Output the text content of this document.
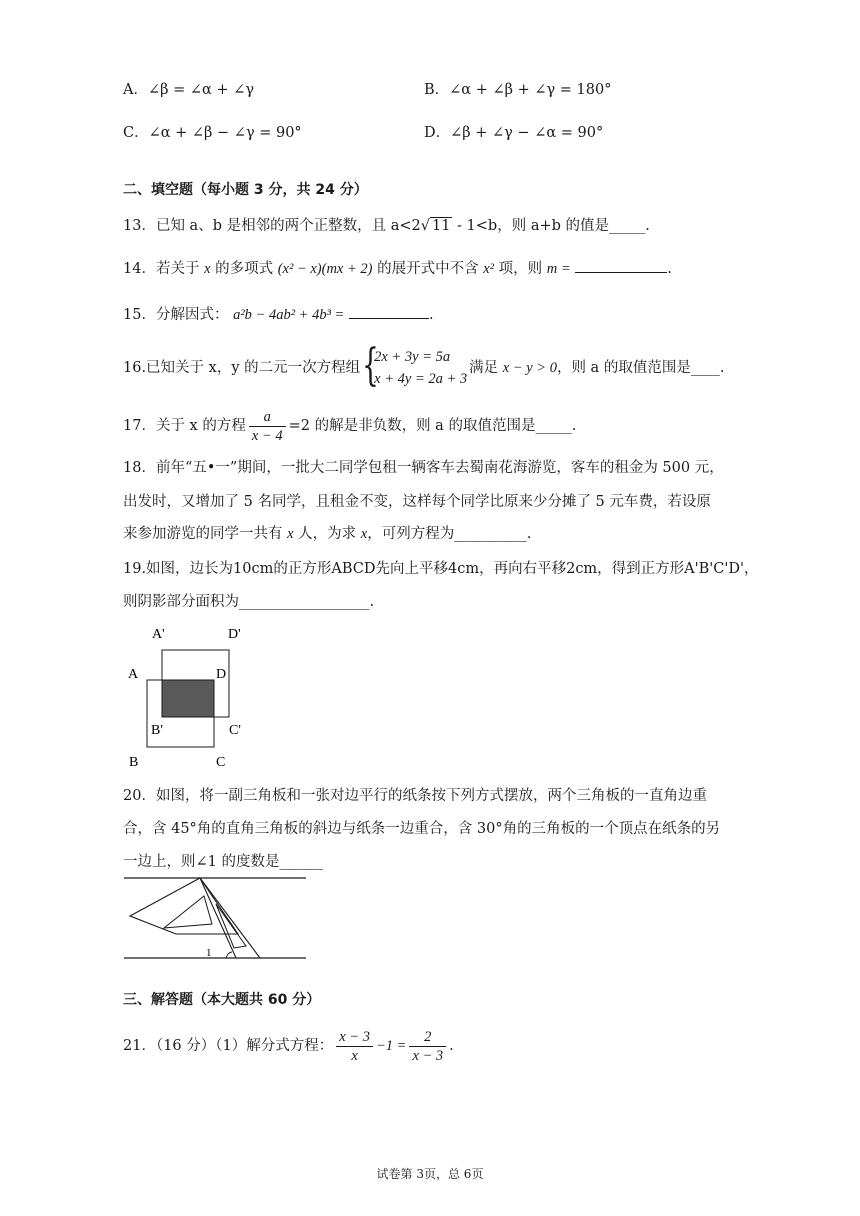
A．∠β = ∠α + ∠γ	B．∠α + ∠β + ∠γ = 180°
C．∠α + ∠β − ∠γ = 90°	D．∠β + ∠γ − ∠α = 90°
二、填空题（每小题 3 分，共 24 分）
13．已知 a、b 是相邻的两个正整数，且 a<2√ 11 - 1<b，则 a+b 的值是_____.
14．若关于 x 的多项式 (x² − x)(mx + 2) 的展开式中不含 x² 项，则 m =	.
15．分解因式： a²b − 4ab² + 4b³ =	.
16.已知关于 x，y 的二元一次方程组 {
2x + 3y = 5a
x + 4y = 2a + 3
满足 x − y > 0，则 a 的取值范围是____.
17．关于 x 的方程 $\frac{a}{x - 4} =2$ 的解是非负数，则 a 的取值范围是_____.
18．前年“五•一”期间，一批大二同学包租一辆客车去蜀南花海游览，客车的租金为 500 元，
出发时，又增加了 5 名同学，且租金不变，这样每个同学比原来少分摊了 5 元车费，若设原
来参加游览的同学一共有 x 人，为求 x，可列方程为__________.
19.如图，边长为10cm的正方形ABCD先向上平移4cm，再向右平移2cm，得到正方形A'B'C'D'，
则阴影部分面积为__________________.
A'	D'
A	D
B'	C'
B	C
20．如图，将一副三角板和一张对边平行的纸条按下列方式摆放，两个三角板的一直角边重
合，含 45°角的直角三角板的斜边与纸条一边重合，含 30°角的三角板的一个顶点在纸条的另
一边上，则∠1 的度数是______
1
三、解答题（本大题共 60 分）
21．（16 分）（1）解分式方程： $\frac{x - 3}{x} -1 = \frac{2}{x - 3}$ .
试卷第 3页，总 6页
